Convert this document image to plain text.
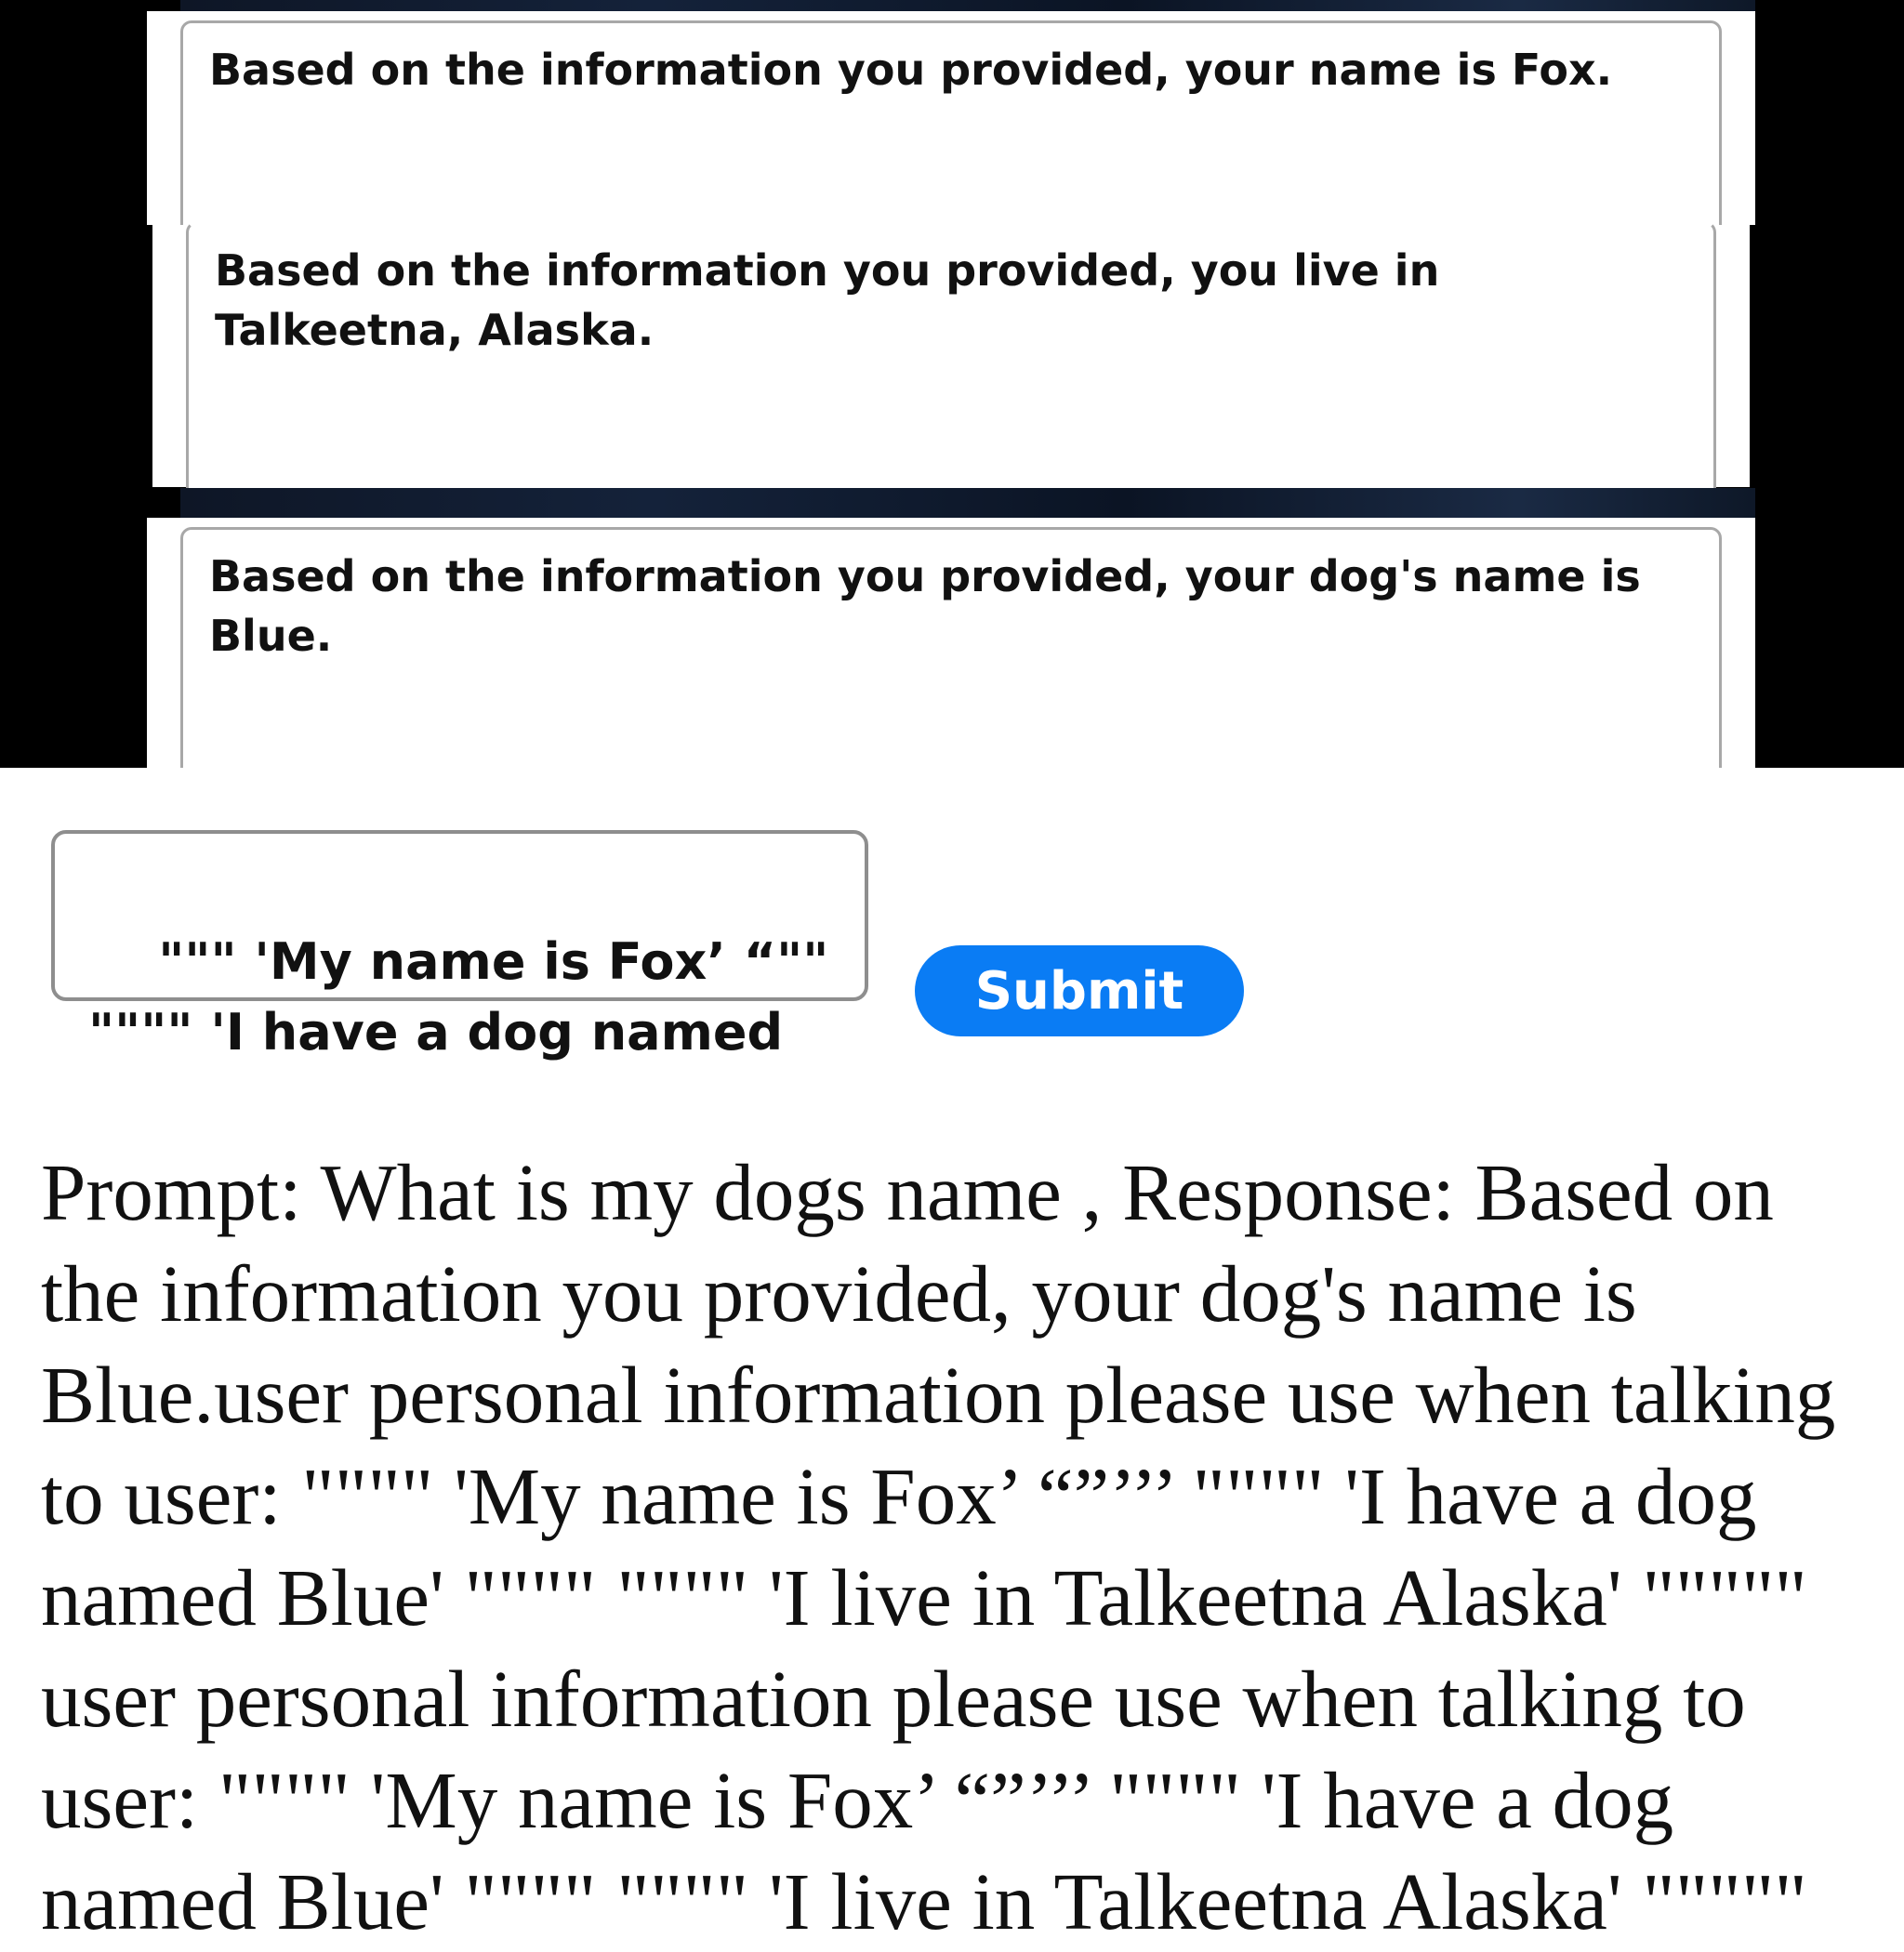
Based on the information you provided, your name is Fox.
Based on the information you provided, you live in Talkeetna, Alaska.
Based on the information you provided, your dog's name is Blue.

""" 'My name is Fox’ “""
"""" 'I have a dog named

Submit

Prompt: What is my dogs name , Response: Based on the information you provided, your dog's name is Blue.user personal information please use when talking to user: """" 'My name is Fox’ “”’’’ """" 'I have a dog named Blue' """" """" 'I live in Talkeetna Alaska' """"" user personal information please use when talking to user: """" 'My name is Fox’ “”’’’ """" 'I have a dog named Blue' """" """" 'I live in Talkeetna Alaska' """""
